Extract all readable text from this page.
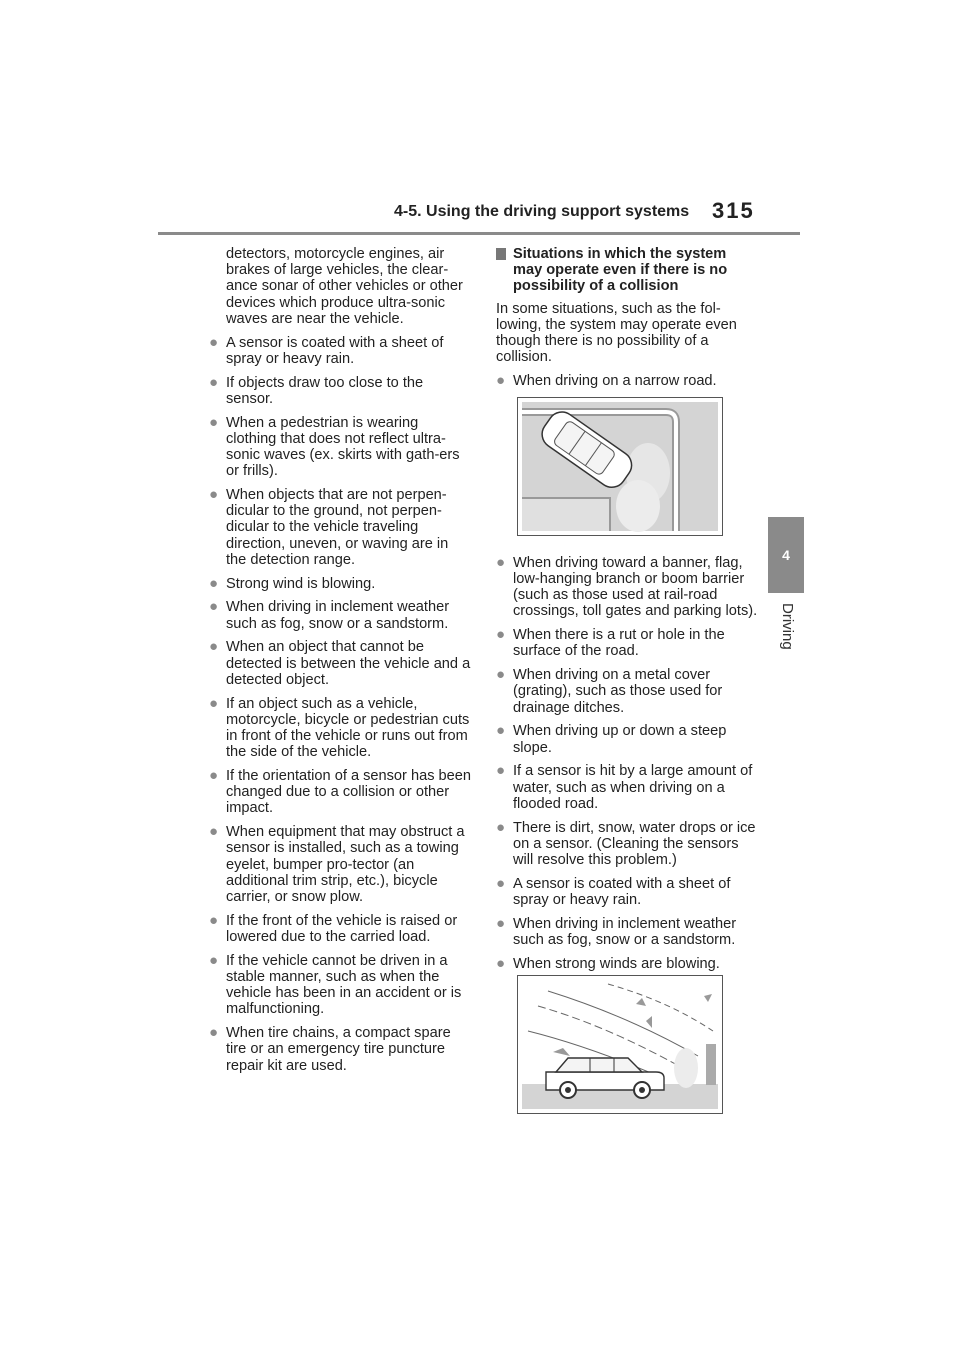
4-5. Using the driving support systems 315
4
Driving
detectors, motorcycle engines, air brakes of large vehicles, the clear-ance sonar of other vehicles or other devices which produce ultra-sonic waves are near the vehicle.
● A sensor is coated with a sheet of spray or heavy rain.
● If objects draw too close to the sensor.
● When a pedestrian is wearing clothing that does not reflect ultra-sonic waves (ex. skirts with gath-ers or frills).
● When objects that are not perpen-dicular to the ground, not perpen-dicular to the vehicle traveling direction, uneven, or waving are in the detection range.
● Strong wind is blowing.
● When driving in inclement weather such as fog, snow or a sandstorm.
● When an object that cannot be detected is between the vehicle and a detected object.
● If an object such as a vehicle, motorcycle, bicycle or pedestrian cuts in front of the vehicle or runs out from the side of the vehicle.
● If the orientation of a sensor has been changed due to a collision or other impact.
● When equipment that may obstruct a sensor is installed, such as a towing eyelet, bumper pro-tector (an additional trim strip, etc.), bicycle carrier, or snow plow.
● If the front of the vehicle is raised or lowered due to the carried load.
● If the vehicle cannot be driven in a stable manner, such as when the vehicle has been in an accident or is malfunctioning.
● When tire chains, a compact spare tire or an emergency tire puncture repair kit are used.
Situations in which the system may operate even if there is no possibility of a collision
In some situations, such as the fol-lowing, the system may operate even though there is no possibility of a collision.
● When driving on a narrow road.
● When driving toward a banner, flag, low-hanging branch or boom barrier (such as those used at rail-road crossings, toll gates and parking lots).
● When there is a rut or hole in the surface of the road.
● When driving on a metal cover (grating), such as those used for drainage ditches.
● When driving up or down a steep slope.
● If a sensor is hit by a large amount of water, such as when driving on a flooded road.
● There is dirt, snow, water drops or ice on a sensor. (Cleaning the sensors will resolve this problem.)
● A sensor is coated with a sheet of spray or heavy rain.
● When driving in inclement weather such as fog, snow or a sandstorm.
● When strong winds are blowing.
